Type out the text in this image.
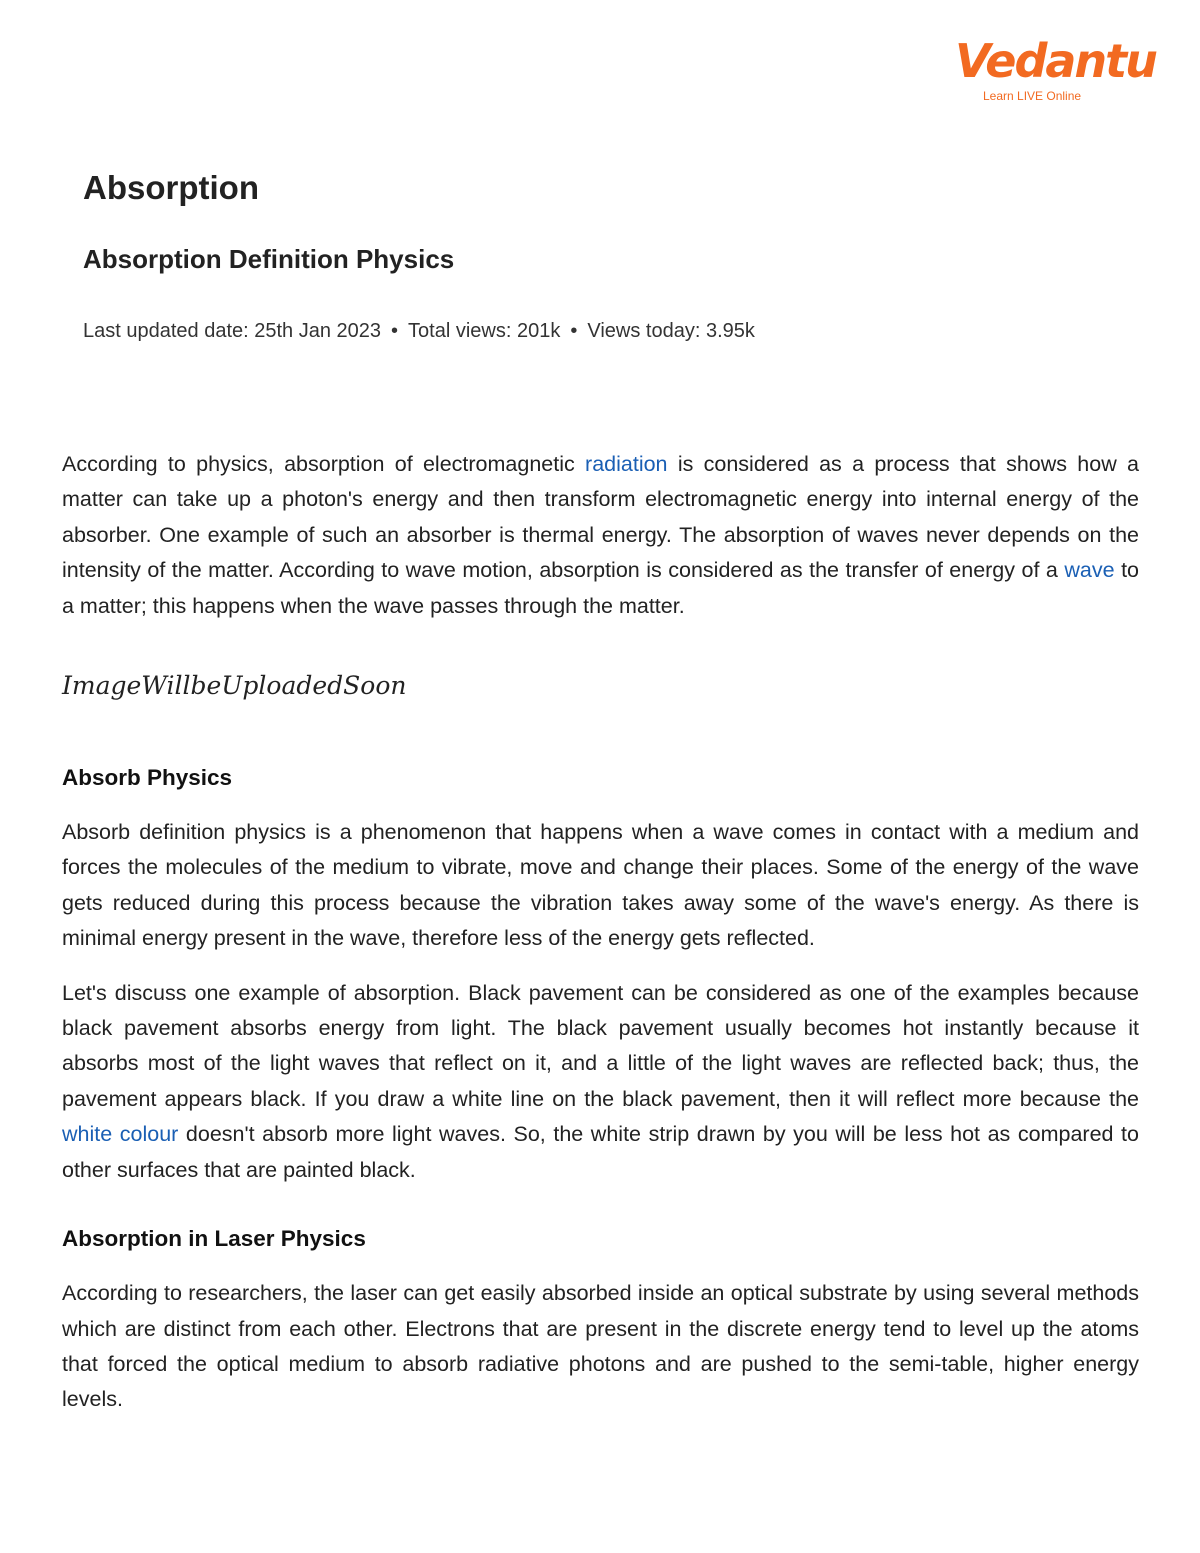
Vedantu
Learn LIVE Online
Absorption
Absorption Definition Physics
Last updated date: 25th Jan 2023 • Total views: 201k • Views today: 3.95k

According to physics, absorption of electromagnetic radiation is considered as a process that shows how a matter can take up a photon's energy and then transform electromagnetic energy into internal energy of the absorber. One example of such an absorber is thermal energy. The absorption of waves never depends on the intensity of the matter. According to wave motion, absorption is considered as the transfer of energy of a wave to a matter; this happens when the wave passes through the matter.

ImageWillbeUploadedSoon
Absorb Physics

Absorb definition physics is a phenomenon that happens when a wave comes in contact with a medium and forces the molecules of the medium to vibrate, move and change their places. Some of the energy of the wave gets reduced during this process because the vibration takes away some of the wave's energy. As there is minimal energy present in the wave, therefore less of the energy gets reflected.

Let's discuss one example of absorption. Black pavement can be considered as one of the examples because black pavement absorbs energy from light. The black pavement usually becomes hot instantly because it absorbs most of the light waves that reflect on it, and a little of the light waves are reflected back; thus, the pavement appears black. If you draw a white line on the black pavement, then it will reflect more because the white colour doesn't absorb more light waves. So, the white strip drawn by you will be less hot as compared to other surfaces that are painted black.

Absorption in Laser Physics

According to researchers, the laser can get easily absorbed inside an optical substrate by using several methods which are distinct from each other. Electrons that are present in the discrete energy tend to level up the atoms that forced the optical medium to absorb radiative photons and are pushed to the semi-table, higher energy levels.
